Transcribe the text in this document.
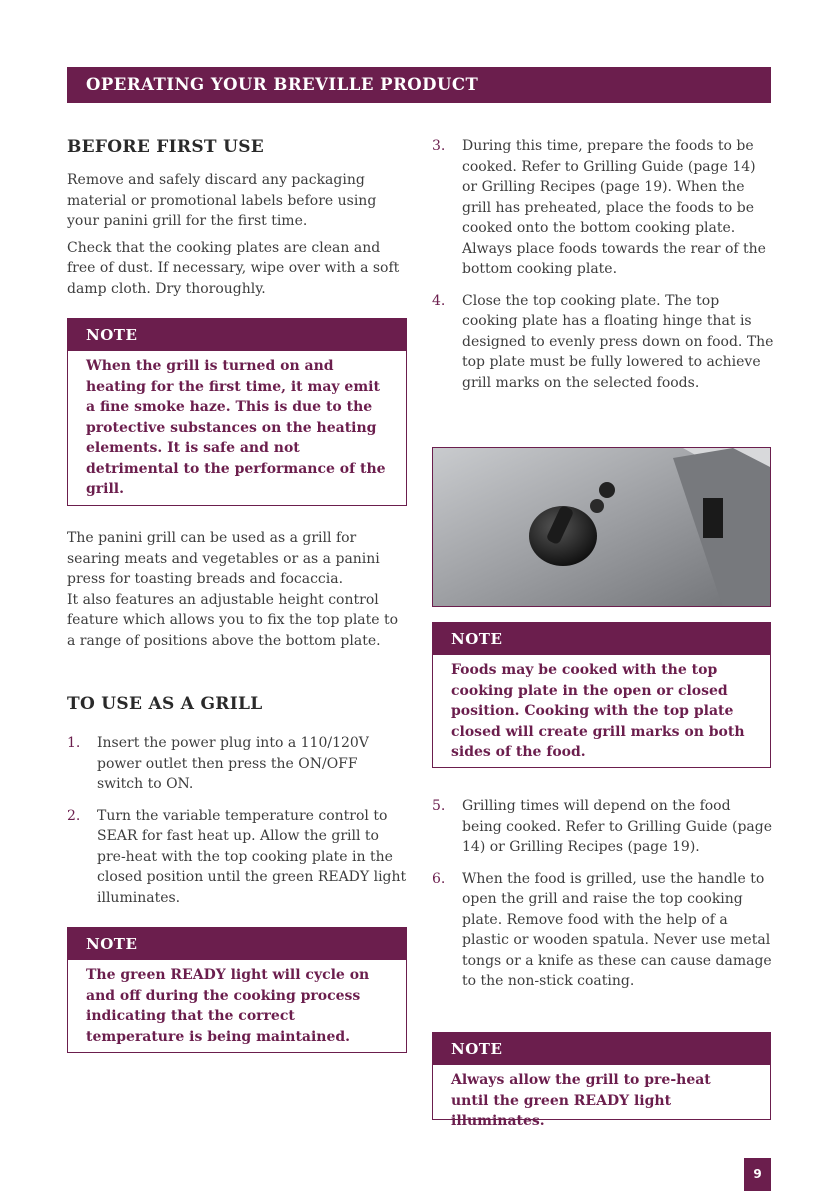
OPERATING YOUR BREVILLE PRODUCT
BEFORE FIRST USE

Remove and safely discard any packaging material or promotional labels before using your panini grill for the first time.

Check that the cooking plates are clean and free of dust. If necessary, wipe over with a soft damp cloth. Dry thoroughly.

NOTE
When the grill is turned on and heating for the first time, it may emit a fine smoke haze. This is due to the protective substances on the heating elements. It is safe and not detrimental to the performance of the grill.

The panini grill can be used as a grill for searing meats and vegetables or as a panini press for toasting breads and focaccia.

It also features an adjustable height control feature which allows you to fix the top plate to a range of positions above the bottom plate.

TO USE AS A GRILL
1. Insert the power plug into a 110/120V power outlet then press the ON/OFF switch to ON.
2. Turn the variable temperature control to SEAR for fast heat up. Allow the grill to pre-heat with the top cooking plate in the closed position until the green READY light illuminates.
NOTE
The green READY light will cycle on and off during the cooking process indicating that the correct temperature is being maintained.
3. During this time, prepare the foods to be cooked. Refer to Grilling Guide (page 14) or Grilling Recipes (page 19). When the grill has preheated, place the foods to be cooked onto the bottom cooking plate. Always place foods towards the rear of the bottom cooking plate.
4. Close the top cooking plate. The top cooking plate has a floating hinge that is designed to evenly press down on food. The top plate must be fully lowered to achieve grill marks on the selected foods.
NOTE
Foods may be cooked with the top cooking plate in the open or closed position. Cooking with the top plate closed will create grill marks on both sides of the food.
5. Grilling times will depend on the food being cooked. Refer to Grilling Guide (page 14) or Grilling Recipes (page 19).
6. When the food is grilled, use the handle to open the grill and raise the top cooking plate. Remove food with the help of a plastic or wooden spatula. Never use metal tongs or a knife as these can cause damage to the non-stick coating.
NOTE
Always allow the grill to pre-heat until the green READY light illuminates.
9
